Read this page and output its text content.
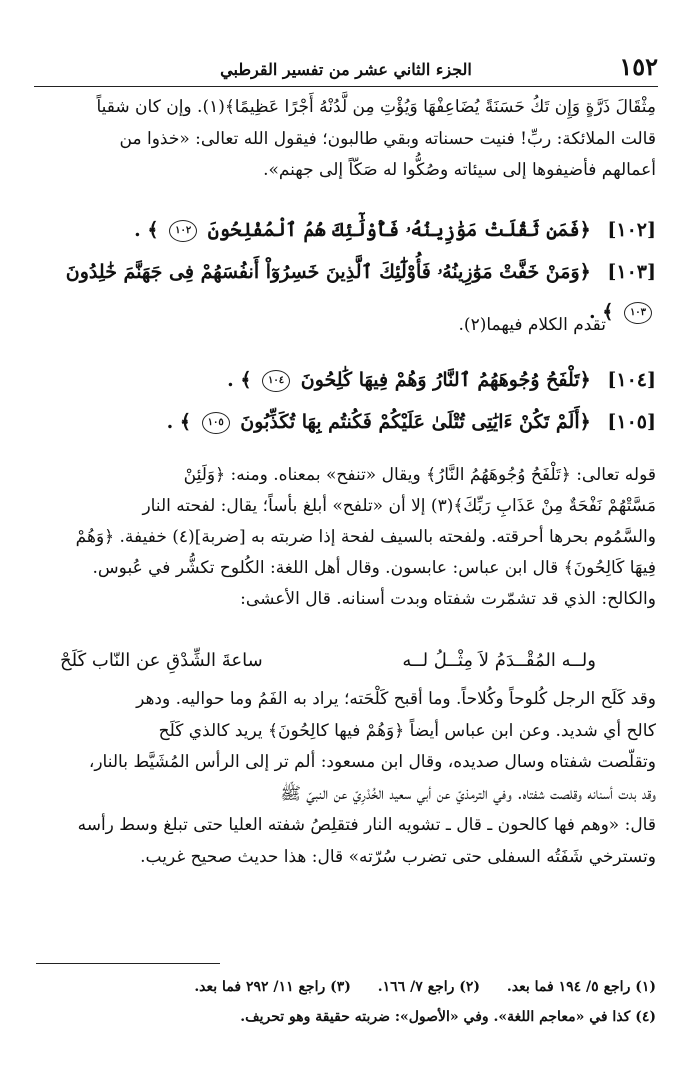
١٥٢
الجزء الثاني عشر من تفسير القرطبي
مِثْقَالَ ذَرَّةٍ وَإِن تَكُ حَسَنَةً يُضَاعِفْهَا وَيُؤْتِ مِن لَّدُنْهُ أَجْرًا عَظِيمًا﴾(١). وإن كان شقياً
قالت الملائكة: ربِّ! فنيت حسناته وبقي طالبون؛ فيقول الله تعالى: «خذوا من
أعمالهم فأضيفوها إلى سيئاته وصُكُّوا له صَكّاً إلى جهنم».
[١٠٢] ﴿فَمَن ثَقُلَتْ مَوَٰزِينُهُۥ فَأُوْلَٰٓئِكَ هُمُ ٱلْمُفْلِحُونَ ١٠٢ ﴾ .
[١٠٣] ﴿وَمَنْ خَفَّتْ مَوَٰزِينُهُۥ فَأُوْلَٰٓئِكَ ٱلَّذِينَ خَسِرُوٓاْ أَنفُسَهُمْ فِى جَهَنَّمَ خَٰلِدُونَ ١٠٣ ﴾ .
تقدم الكلام فيهما(٢).
[١٠٤] ﴿تَلْفَحُ وُجُوهَهُمُ ٱلنَّارُ وَهُمْ فِيهَا كَٰلِحُونَ ١٠٤ ﴾ .
[١٠٥] ﴿أَلَمْ تَكُنْ ءَايَٰتِى تُتْلَىٰ عَلَيْكُمْ فَكُنتُم بِهَا تُكَذِّبُونَ ١٠٥ ﴾ .
قوله تعالى: ﴿تَلْفَحُ وُجُوهَهُمُ النَّارُ﴾ ويقال «تنفح» بمعناه. ومنه: ﴿وَلَئِنْ
مَسَّتْهُمْ نَفْحَةٌ مِنْ عَذَابِ رَبِّكَ﴾(٣) إلا أن «تلفح» أبلغ بأساً؛ يقال: لفحته النار
والسَّمُوم بحرها أحرقته. ولفحته بالسيف لفحة إذا ضربته به [ضربة](٤) خفيفة. ﴿وَهُمْ
فِيهَا كَالِحُونَ﴾ قال ابن عباس: عابسون. وقال أهل اللغة: الكُلوح تكشُّر في عُبوس.
والكالح: الذي قد تشمّرت شفتاه وبدت أسنانه. قال الأعشى:
ولــه المُقْــدَمُ لاَ مِثْــلُ لــه
ساعةَ الشِّدْقِ عن النّاب كَلَحْ
وقد كَلَح الرجل كُلوحاً وكُلاحاً. وما أقبح كَلْحَته؛ يراد به الفَمُ وما حواليه. ودهر
كالح أي شديد. وعن ابن عباس أيضاً ﴿وَهُمْ فيها كالِحُونَ﴾ يريد كالذي كَلَح
وتقلّصت شفتاه وسال صديده، وقال ابن مسعود: ألم تر إلى الرأس المُشَيَّط بالنار،
وقد بدت أسنانه وقلصت شفتاه. وفي الترمذيّ عن أبي سعيد الخُدْرِيّ عن النبيّ ﷺ
قال: «وهم فها كالحون ـ قال ـ تشويه النار فتقلِصُ شفته العليا حتى تبلغ وسط رأسه
وتسترخي شَفَتُه السفلى حتى تضرب سُرّته» قال: هذا حديث صحيح غريب.
(١) راجع ٥/ ١٩٤ فما بعد. (٢) راجع ٧/ ١٦٦. (٣) راجع ١١/ ٢٩٢ فما بعد.
(٤) كذا في «معاجم اللغة». وفي «الأصول»: ضربته حقيقة وهو تحريف.
